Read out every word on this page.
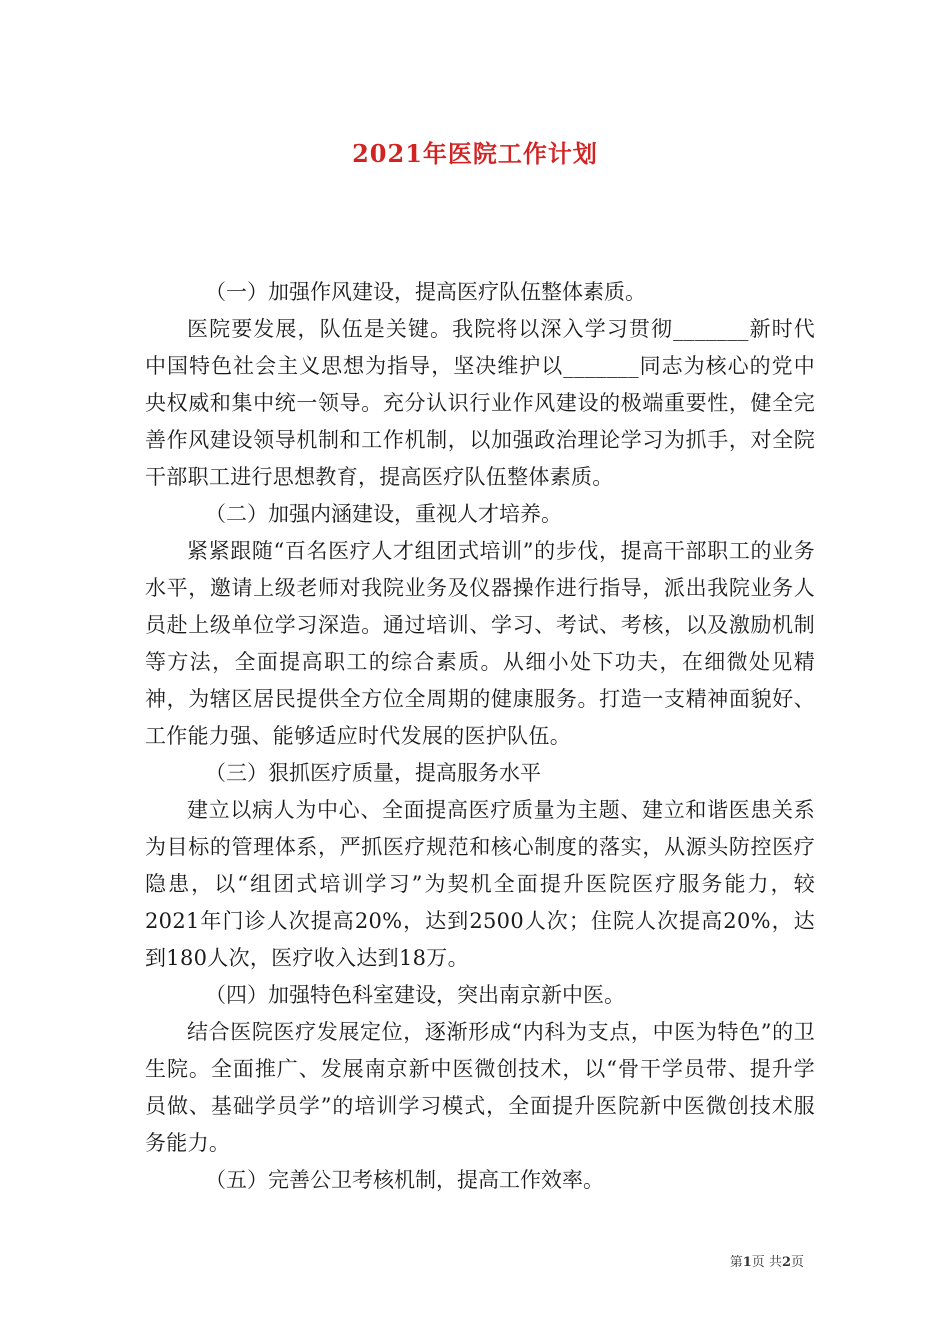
2021年医院工作计划

（一）加强作风建设，提高医疗队伍整体素质。

医院要发展，队伍是关键。我院将以深入学习贯彻_______新时代中国特色社会主义思想为指导，坚决维护以_______同志为核心的党中央权威和集中统一领导。充分认识行业作风建设的极端重要性，健全完善作风建设领导机制和工作机制，以加强政治理论学习为抓手，对全院干部职工进行思想教育，提高医疗队伍整体素质。

（二）加强内涵建设，重视人才培养。

紧紧跟随“百名医疗人才组团式培训”的步伐，提高干部职工的业务水平，邀请上级老师对我院业务及仪器操作进行指导，派出我院业务人员赴上级单位学习深造。通过培训、学习、考试、考核，以及激励机制等方法，全面提高职工的综合素质。从细小处下功夫，在细微处见精神，为辖区居民提供全方位全周期的健康服务。打造一支精神面貌好、工作能力强、能够适应时代发展的医护队伍。

（三）狠抓医疗质量，提高服务水平

建立以病人为中心、全面提高医疗质量为主题、建立和谐医患关系为目标的管理体系，严抓医疗规范和核心制度的落实，从源头防控医疗隐患，以“组团式培训学习”为契机全面提升医院医疗服务能力，较2021年门诊人次提高20%，达到2500人次；住院人次提高20%，达到180人次，医疗收入达到18万。

（四）加强特色科室建设，突出南京新中医。

结合医院医疗发展定位，逐渐形成“内科为支点，中医为特色”的卫生院。全面推广、发展南京新中医微创技术，以“骨干学员带、提升学员做、基础学员学”的培训学习模式，全面提升医院新中医微创技术服务能力。

（五）完善公卫考核机制，提高工作效率。

第1页 共2页
